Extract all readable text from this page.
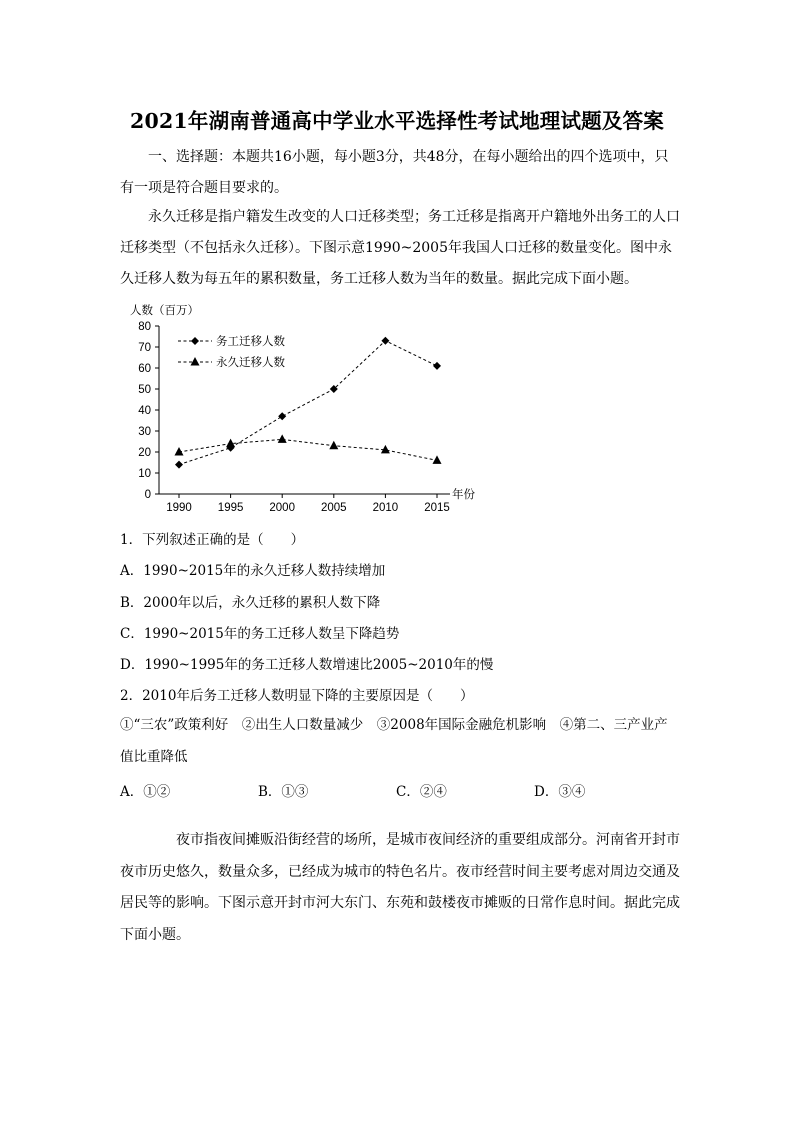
2021年湖南普通高中学业水平选择性考试地理试题及答案
一、选择题：本题共16小题，每小题3分，共48分，在每小题给出的四个选项中，只有一项是符合题目要求的。
永久迁移是指户籍发生改变的人口迁移类型；务工迁移是指离开户籍地外出务工的人口迁移类型（不包括永久迁移）。下图示意1990~2005年我国人口迁移的数量变化。图中永久迁移人数为每五年的累积数量，务工迁移人数为当年的数量。据此完成下面小题。
人数（百万）
0
10
20
30
40
50
60
70
80
1990 1995 2000 2005 2010 2015
年份
务工迁移人数
永久迁移人数
1．下列叙述正确的是（　　）
A．1990~2015年的永久迁移人数持续增加
B．2000年以后，永久迁移的累积人数下降
C．1990~2015年的务工迁移人数呈下降趋势
D．1990~1995年的务工迁移人数增速比2005~2010年的慢
2．2010年后务工迁移人数明显下降的主要原因是（　　）
①“三农”政策利好　②出生人口数量减少　③2008年国际金融危机影响　④第二、三产业产值比重降低
A．①②	B．①③	C．②④	D．③④
夜市指夜间摊贩沿街经营的场所，是城市夜间经济的重要组成部分。河南省开封市夜市历史悠久，数量众多，已经成为城市的特色名片。夜市经营时间主要考虑对周边交通及居民等的影响。下图示意开封市河大东门、东苑和鼓楼夜市摊贩的日常作息时间。据此完成下面小题。
